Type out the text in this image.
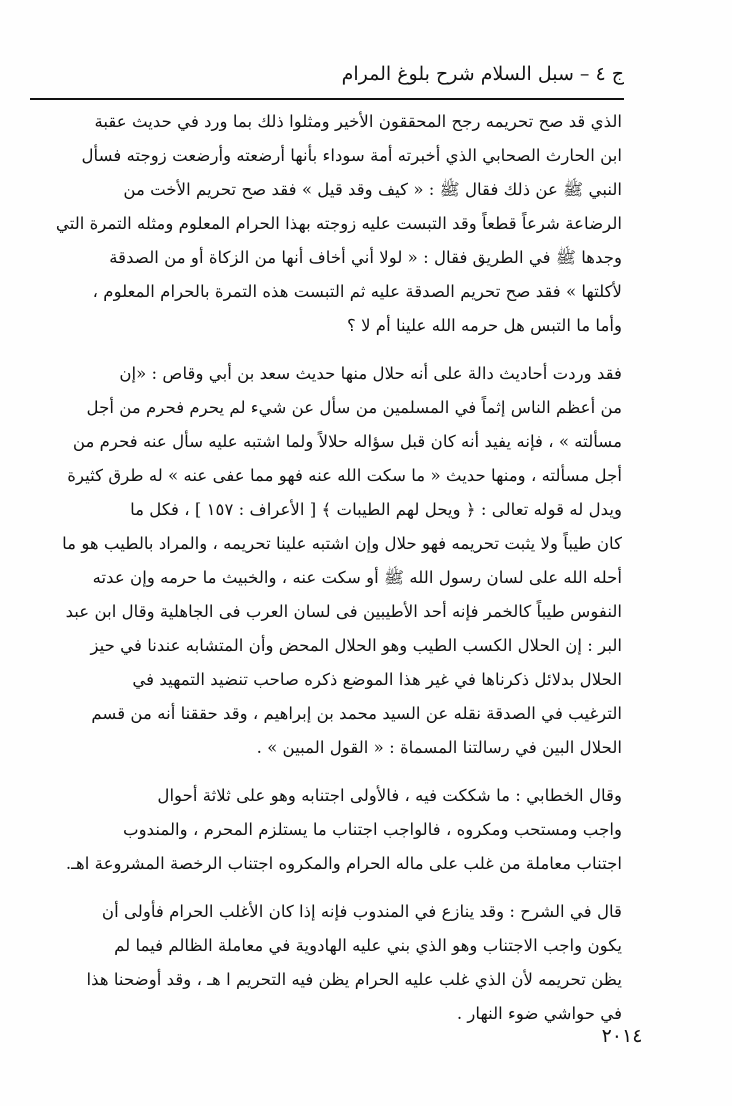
ج ٤ – سبل السلام شرح بلوغ المرام
الذي قد صح تحريمه رجح المحققون الأخير ومثلوا ذلك بما ورد في حديث عقبة
ابن الحارث الصحابي الذي أخبرته أمة سوداء بأنها أرضعته وأرضعت زوجته فسأل
النبي ﷺ عن ذلك فقال ﷺ : « كيف وقد قيل » فقد صح تحريم الأخت من
الرضاعة شرعاً قطعاً وقد التبست عليه زوجته بهذا الحرام المعلوم ومثله التمرة التي
وجدها ﷺ في الطريق فقال : « لولا أني أخاف أنها من الزكاة أو من الصدقة
لأكلتها » فقد صح تحريم الصدقة عليه ثم التبست هذه التمرة بالحرام المعلوم ،
وأما ما التبس هل حرمه الله علينا أم لا ؟
فقد وردت أحاديث دالة على أنه حلال منها حديث سعد بن أبي وقاص : «إن
من أعظم الناس إثماً في المسلمين من سأل عن شيء لم يحرم فحرم من أجل
مسألته » ، فإنه يفيد أنه كان قبل سؤاله حلالاً ولما اشتبه عليه سأل عنه فحرم من
أجل مسألته ، ومنها حديث « ما سكت الله عنه فهو مما عفى عنه » له طرق كثيرة
ويدل له قوله تعالى : ﴿ ويحل لهم الطيبات ﴾ [ الأعراف : ١٥٧ ] ، فكل ما
كان طيباً ولا يثبت تحريمه فهو حلال وإن اشتبه علينا تحريمه ، والمراد بالطيب هو ما
أحله الله على لسان رسول الله ﷺ أو سكت عنه ، والخبيث ما حرمه وإن عدته
النفوس طيباً كالخمر فإنه أحد الأطيبين فى لسان العرب فى الجاهلية وقال ابن عبد
البر : إن الحلال الكسب الطيب وهو الحلال المحض وأن المتشابه عندنا في حيز
الحلال بدلائل ذكرناها في غير هذا الموضع ذكره صاحب تنضيد التمهيد في
الترغيب في الصدقة نقله عن السيد محمد بن إبراهيم ، وقد حققنا أنه من قسم
الحلال البين في رسالتنا المسماة : « القول المبين » .
وقال الخطابي : ما شككت فيه ، فالأولى اجتنابه وهو على ثلاثة أحوال
واجب ومستحب ومكروه ، فالواجب اجتناب ما يستلزم المحرم ، والمندوب
اجتناب معاملة من غلب على ماله الحرام والمكروه اجتناب الرخصة المشروعة اهـ.
قال في الشرح : وقد ينازع في المندوب فإنه إذا كان الأغلب الحرام فأولى أن
يكون واجب الاجتناب وهو الذي بني عليه الهادوية في معاملة الظالم فيما لم
يظن تحريمه لأن الذي غلب عليه الحرام يظن فيه التحريم ا هـ ، وقد أوضحنا هذا
في حواشي ضوء النهار .
٢٠١٤
